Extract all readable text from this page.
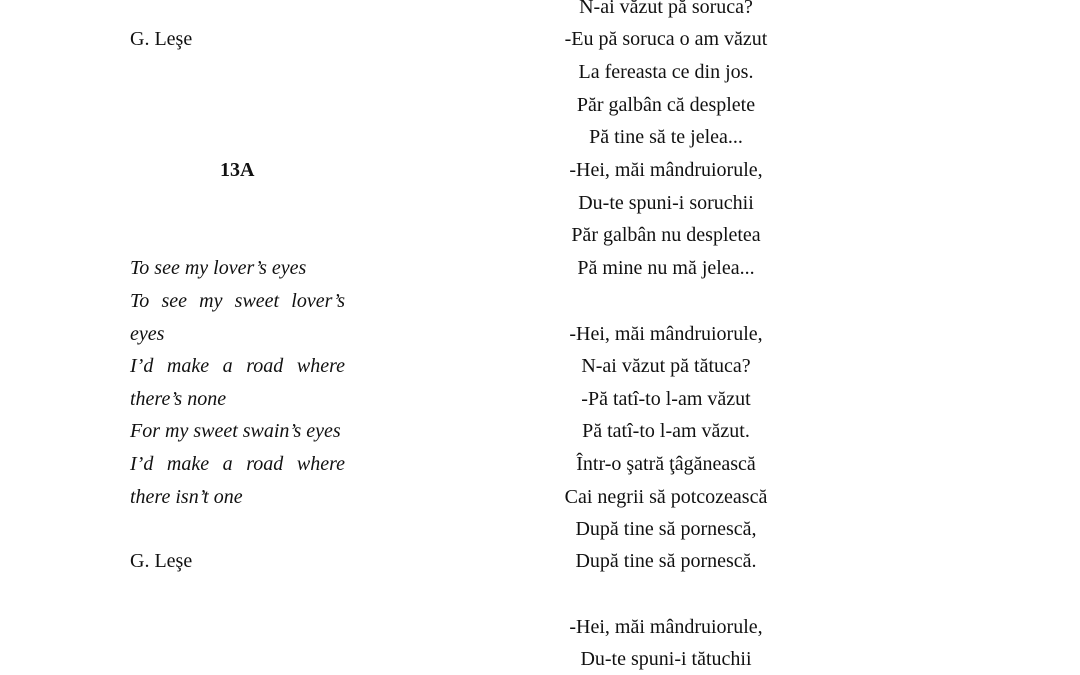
G. Leşe
13A
To see my lover’s eyes
To see my sweet lover’s
eyes
I’d make a road where
there’s none
For my sweet swain’s eyes
I’d make a road where
there isn’t one
G. Leşe
N-ai văzut pă soruca?
-Eu pă soruca o am văzut
La fereasta ce din jos.
Păr galbân că desplete
Pă tine să te jelea...
-Hei, măi mândruiorule,
Du-te spuni-i soruchii
Păr galbân nu despletea
Pă mine nu mă jelea...
-Hei, măi mândruiorule,
N-ai văzut pă tătuca?
-Pă tatî-to l-am văzut
Pă tatî-to l-am văzut.
Într-o şatră ţâgănească
Cai negrii să potcozească
După tine să pornescă,
După tine să pornescă.
-Hei, măi mândruiorule,
Du-te spuni-i tătuchii
